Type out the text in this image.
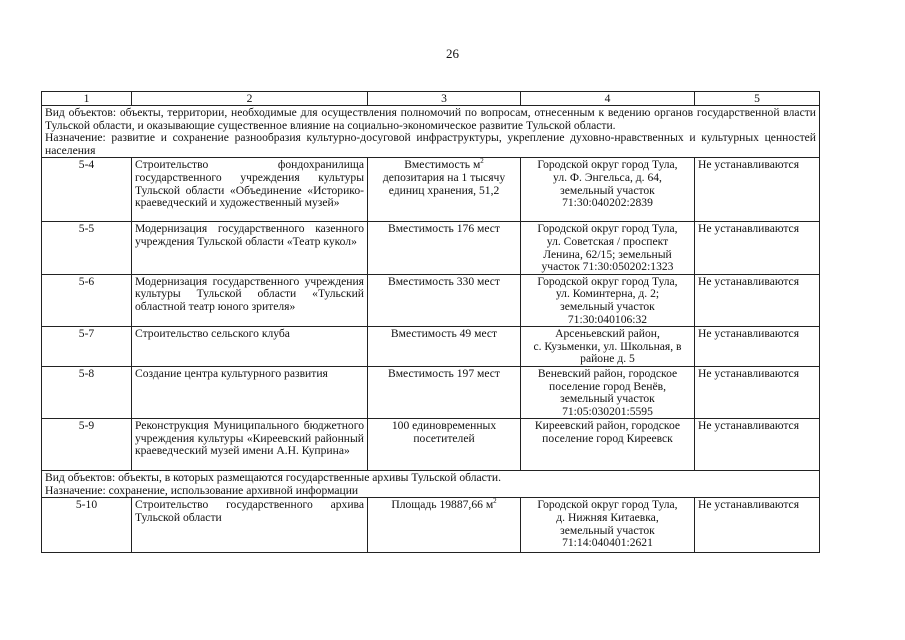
26
1	2	3	4	5

Вид объектов: объекты, территории, необходимые для осуществления полномочий по вопросам, отнесенным к ведению органов государственной власти Тульской области, и оказывающие существенное влияние на социально-экономическое развитие Тульской области.
Назначение: развитие и сохранение разнообразия культурно-досуговой инфраструктуры, укрепление духовно-нравственных и культурных ценностей населения				

5-4	Строительство фондохранилища государственного учреждения культуры Тульской области «Объединение «Историко-краеведческий и художественный музей»	Вместимость $м^2$
депозитария на 1 тысячу
единиц хранения, 51,2	Городской округ город Тула,
ул. Ф. Энгельса, д. 64,
земельный участок
71:30:040202:2839	Не устанавливаются
5-5	Модернизация государственного казенного учреждения Тульской области «Театр кукол»	Вместимость 176 мест	Городской округ город Тула,
ул. Советская / проспект
Ленина, 62/15; земельный
участок 71:30:050202:1323	Не устанавливаются
5-6	Модернизация государственного учреждения культуры Тульской области «Тульский областной театр юного зрителя»	Вместимость 330 мест	Городской округ город Тула,
ул. Коминтерна, д. 2;
земельный участок
71:30:040106:32	Не устанавливаются
5-7	Строительство сельского клуба	Вместимость 49 мест	Арсеньевский район,
с. Кузьменки, ул. Школьная, в
районе д. 5	Не устанавливаются
5-8	Создание центра культурного развития	Вместимость 197 мест	Веневский район, городское
поселение город Венёв,
земельный участок
71:05:030201:5595	Не устанавливаются
5-9	Реконструкция Муниципального бюджетного учреждения культуры «Киреевский районный краеведческий музей имени А.Н. Куприна»	100 единовременных
посетителей	Киреевский район, городское
поселение город Киреевск	Не устанавливаются

Вид объектов: объекты, в которых размещаются государственные архивы Тульской области.
Назначение: сохранение, использование архивной информации				

5-10	Строительство государственного архива Тульской области	Площадь 19887,66 $м^2$	Городской округ город Тула,
д. Нижняя Китаевка,
земельный участок
71:14:040401:2621	Не устанавливаются
